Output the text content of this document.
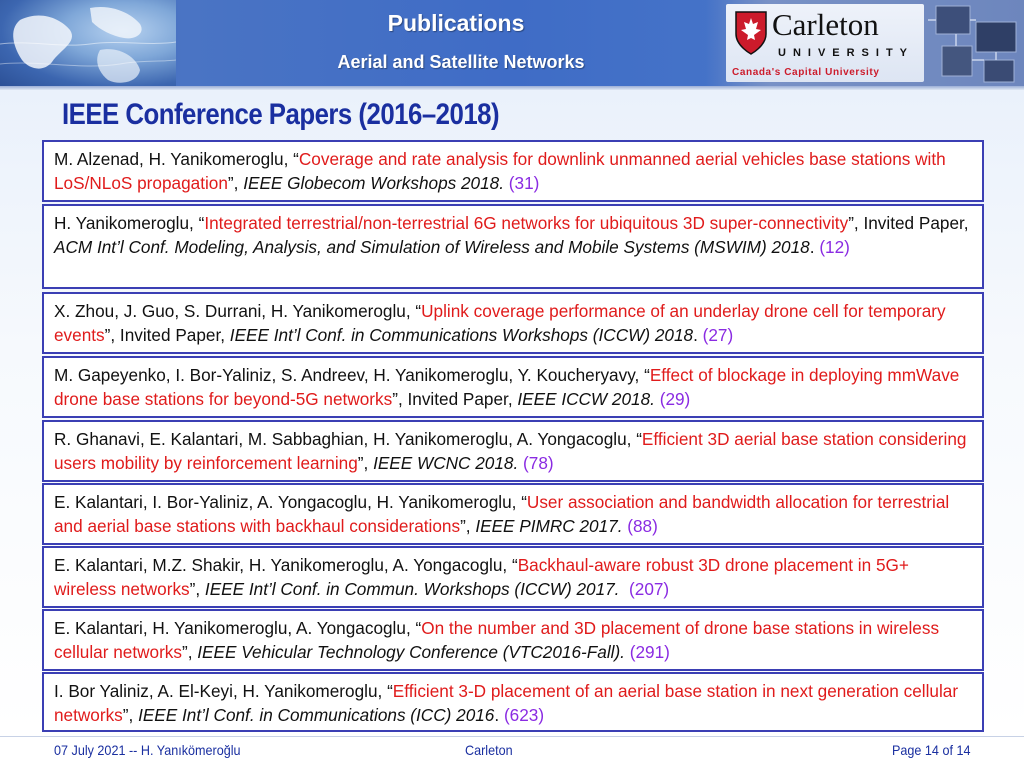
Publications
Aerial and Satellite Networks
Carleton
UNIVERSITY
Canada's Capital University
IEEE Conference Papers (2016–2018)
M. Alzenad, H. Yanikomeroglu, “Coverage and rate analysis for downlink unmanned aerial vehicles base stations with LoS/NLoS propagation”, IEEE Globecom Workshops 2018. (31)
H. Yanikomeroglu, “Integrated terrestrial/non-terrestrial 6G networks for ubiquitous 3D super-connectivity”, Invited Paper, ACM Int’l Conf. Modeling, Analysis, and Simulation of Wireless and Mobile Systems (MSWIM) 2018. (12)
X. Zhou, J. Guo, S. Durrani, H. Yanikomeroglu, “Uplink coverage performance of an underlay drone cell for temporary events”, Invited Paper, IEEE Int’l Conf. in Communications Workshops (ICCW) 2018. (27)
M. Gapeyenko, I. Bor-Yaliniz, S. Andreev, H. Yanikomeroglu, Y. Koucheryavy, “Effect of blockage in deploying mmWave drone base stations for beyond-5G networks”, Invited Paper, IEEE ICCW 2018. (29)
R. Ghanavi, E. Kalantari, M. Sabbaghian, H. Yanikomeroglu, A. Yongacoglu, “Efficient 3D aerial base station considering users mobility by reinforcement learning”, IEEE WCNC 2018. (78)
E. Kalantari, I. Bor-Yaliniz, A. Yongacoglu, H. Yanikomeroglu, “User association and bandwidth allocation for terrestrial and aerial base stations with backhaul considerations”, IEEE PIMRC 2017. (88)
E. Kalantari, M.Z. Shakir, H. Yanikomeroglu, A. Yongacoglu, “Backhaul-aware robust 3D drone placement in 5G+ wireless networks”, IEEE Int’l Conf. in Commun. Workshops (ICCW) 2017. (207)
E. Kalantari, H. Yanikomeroglu, A. Yongacoglu, “On the number and 3D placement of drone base stations in wireless cellular networks”, IEEE Vehicular Technology Conference (VTC2016-Fall). (291)
I. Bor Yaliniz, A. El-Keyi, H. Yanikomeroglu, “Efficient 3-D placement of an aerial base station in next generation cellular networks”, IEEE Int’l Conf. in Communications (ICC) 2016. (623)
07 July 2021 -- H. Yanıkömeroğlu	Carleton	Page 14 of 14
